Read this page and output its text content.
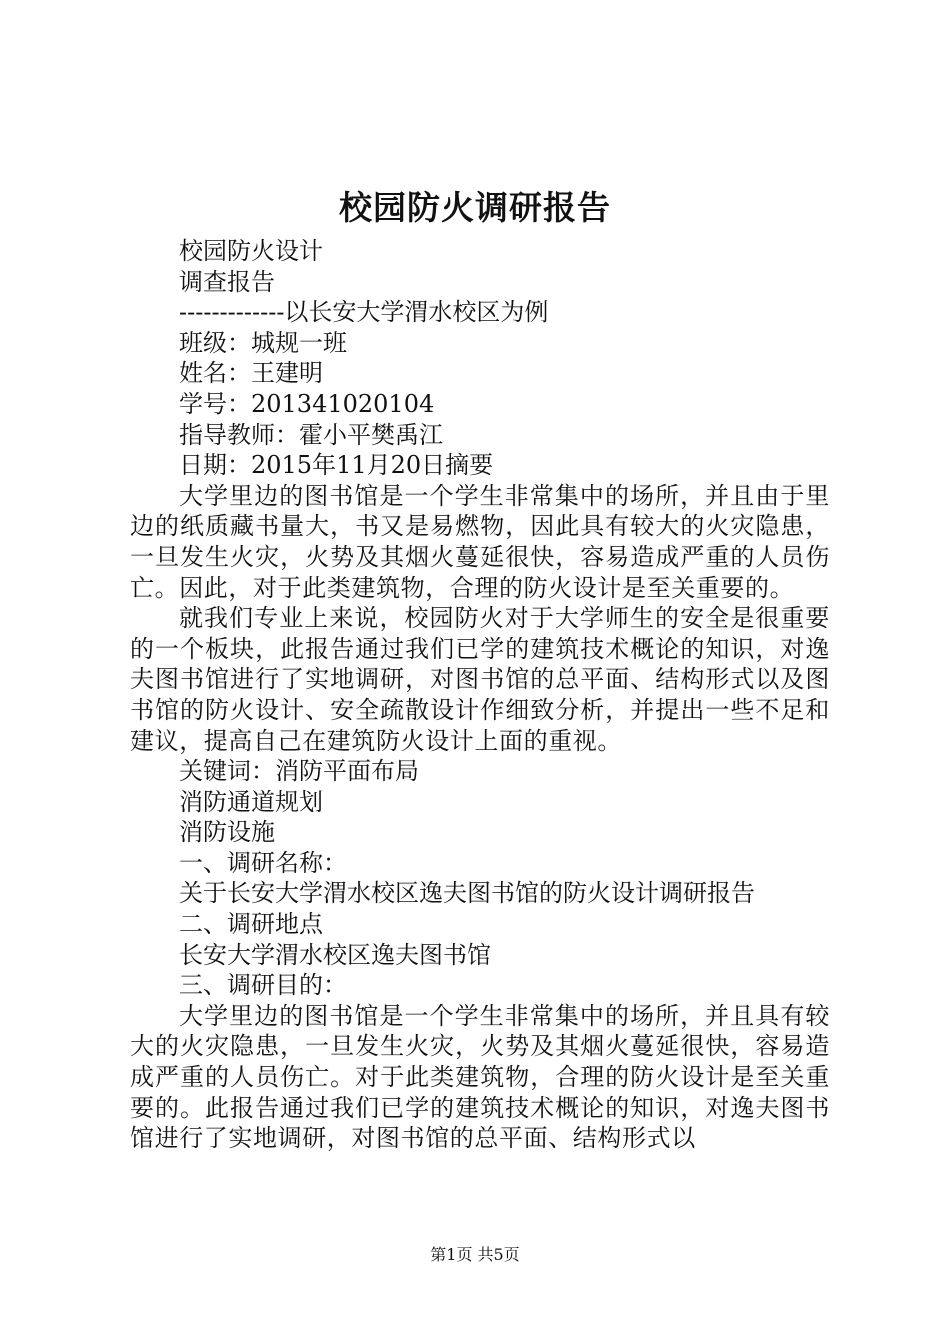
校园防火调研报告

校园防火设计

调查报告

-------------以长安大学渭水校区为例

班级：城规一班

姓名：王建明

学号：201341020104

指导教师：霍小平樊禹江

日期：2015年11月20日摘要

大学里边的图书馆是一个学生非常集中的场所，并且由于里边的纸质藏书量大，书又是易燃物，因此具有较大的火灾隐患，一旦发生火灾，火势及其烟火蔓延很快，容易造成严重的人员伤亡。因此，对于此类建筑物，合理的防火设计是至关重要的。

就我们专业上来说，校园防火对于大学师生的安全是很重要的一个板块，此报告通过我们已学的建筑技术概论的知识，对逸夫图书馆进行了实地调研，对图书馆的总平面、结构形式以及图书馆的防火设计、安全疏散设计作细致分析，并提出一些不足和建议，提高自己在建筑防火设计上面的重视。

关键词：消防平面布局

消防通道规划

消防设施

一、调研名称：

关于长安大学渭水校区逸夫图书馆的防火设计调研报告

二、调研地点

长安大学渭水校区逸夫图书馆

三、调研目的：

大学里边的图书馆是一个学生非常集中的场所，并且具有较大的火灾隐患，一旦发生火灾，火势及其烟火蔓延很快，容易造成严重的人员伤亡。对于此类建筑物，合理的防火设计是至关重要的。此报告通过我们已学的建筑技术概论的知识，对逸夫图书馆进行了实地调研，对图书馆的总平面、结构形式以

第1页 共5页
